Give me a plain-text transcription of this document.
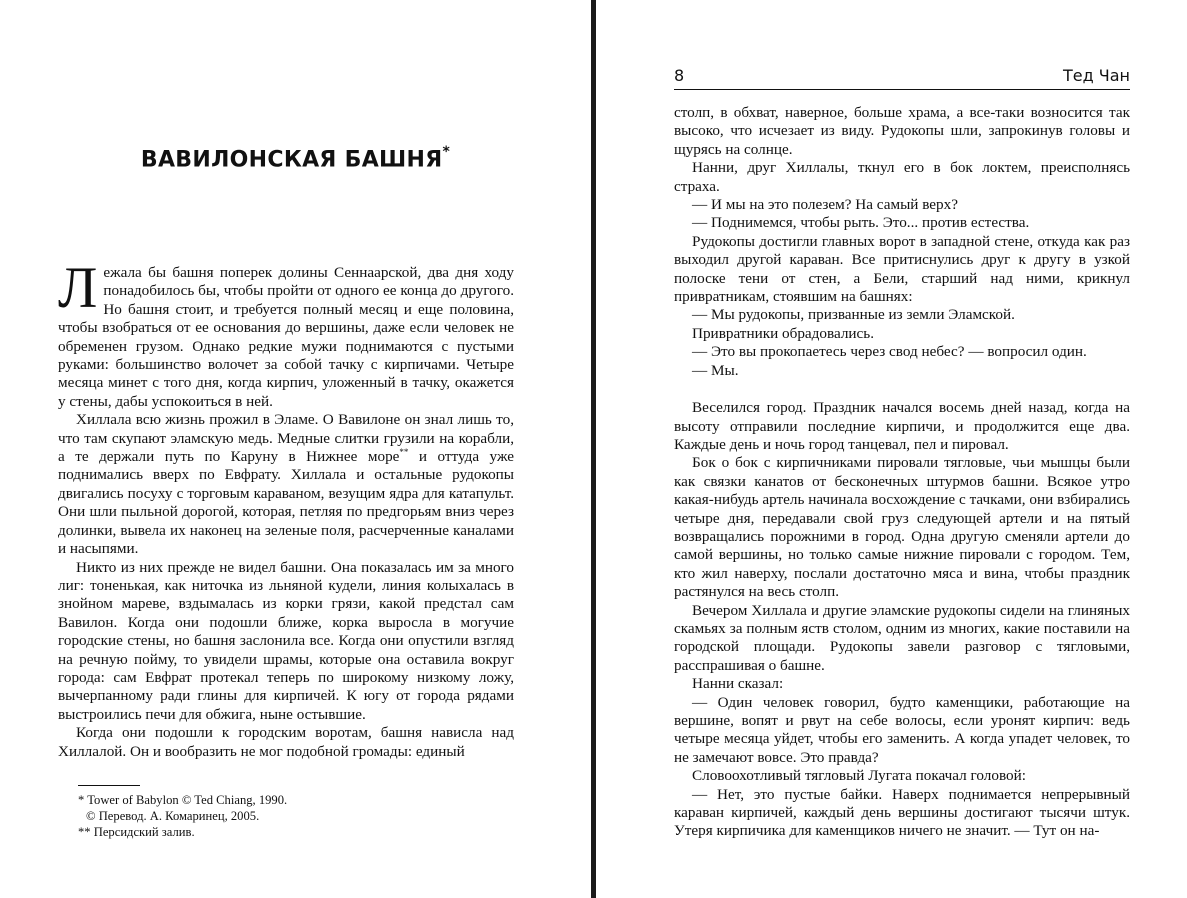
ВАВИЛОНСКАЯ БАШНЯ*

Лежала бы башня поперек долины Сеннаарской, два дня ходу понадобилось бы, чтобы пройти от одного ее конца до другого. Но башня стоит, и требуется полный месяц и еще половина, чтобы взобраться от ее основания до вершины, даже если человек не обременен грузом. Однако редкие мужи поднимаются с пустыми руками: большинство волочет за собой тачку с кирпичами. Четыре месяца минет с того дня, когда кирпич, уложенный в тачку, окажется у стены, дабы успокоиться в ней.

Хиллала всю жизнь прожил в Эламе. О Вавилоне он знал лишь то, что там скупают эламскую медь. Медные слитки грузили на корабли, а те держали путь по Каруну в Нижнее море** и оттуда уже поднимались вверх по Евфрату. Хиллала и остальные рудокопы двигались посуху с торговым караваном, везущим ядра для катапульт. Они шли пыльной дорогой, которая, петляя по предгорьям вниз через долинки, вывела их наконец на зеленые поля, расчерченные каналами и насыпями.

Никто из них прежде не видел башни. Она показалась им за много лиг: тоненькая, как ниточка из льняной кудели, линия колыхалась в знойном мареве, вздымалась из корки грязи, какой предстал сам Вавилон. Когда они подошли ближе, корка выросла в могучие городские стены, но башня заслонила все. Когда они опустили взгляд на речную пойму, то увидели шрамы, которые она оставила вокруг города: сам Евфрат протекал теперь по широкому низкому ложу, вычерпанному ради глины для кирпичей. К югу от города рядами выстроились печи для обжига, ныне остывшие.

Когда они подошли к городским воротам, башня нависла над Хиллалой. Он и вообразить не мог подобной громады: единый

* Tower of Babylon © Ted Chiang, 1990.
© Перевод. А. Комаринец, 2005.
** Персидский залив.
8	Тед Чан

столп, в обхват, наверное, больше храма, а все-таки возносится так высоко, что исчезает из виду. Рудокопы шли, запрокинув головы и щурясь на солнце.

Нанни, друг Хиллалы, ткнул его в бок локтем, преисполнясь страха.

— И мы на это полезем? На самый верх?

— Поднимемся, чтобы рыть. Это... против естества.

Рудокопы достигли главных ворот в западной стене, откуда как раз выходил другой караван. Все притиснулись друг к другу в узкой полоске тени от стен, а Бели, старший над ними, крикнул привратникам, стоявшим на башнях:

— Мы рудокопы, призванные из земли Эламской.

Привратники обрадовались.

— Это вы прокопаетесь через свод небес? — вопросил один.

— Мы.

Веселился город. Праздник начался восемь дней назад, когда на высоту отправили последние кирпичи, и продолжится еще два. Каждые день и ночь город танцевал, пел и пировал.

Бок о бок с кирпичниками пировали тягловые, чьи мышцы были как связки канатов от бесконечных штурмов башни. Всякое утро какая-нибудь артель начинала восхождение с тачками, они взбирались четыре дня, передавали свой груз следующей артели и на пятый возвращались порожними в город. Одна другую сменяли артели до самой вершины, но только самые нижние пировали с городом. Тем, кто жил наверху, послали достаточно мяса и вина, чтобы праздник растянулся на весь столп.

Вечером Хиллала и другие эламские рудокопы сидели на глиняных скамьях за полным яств столом, одним из многих, какие поставили на городской площади. Рудокопы завели разговор с тягловыми, расспрашивая о башне.

Нанни сказал:

— Один человек говорил, будто каменщики, работающие на вершине, вопят и рвут на себе волосы, если уронят кирпич: ведь четыре месяца уйдет, чтобы его заменить. А когда упадет человек, то не замечают вовсе. Это правда?

Словоохотливый тягловый Лугата покачал головой:

— Нет, это пустые байки. Наверх поднимается непрерывный караван кирпичей, каждый день вершины достигают тысячи штук. Утеря кирпичика для каменщиков ничего не значит. — Тут он на-
